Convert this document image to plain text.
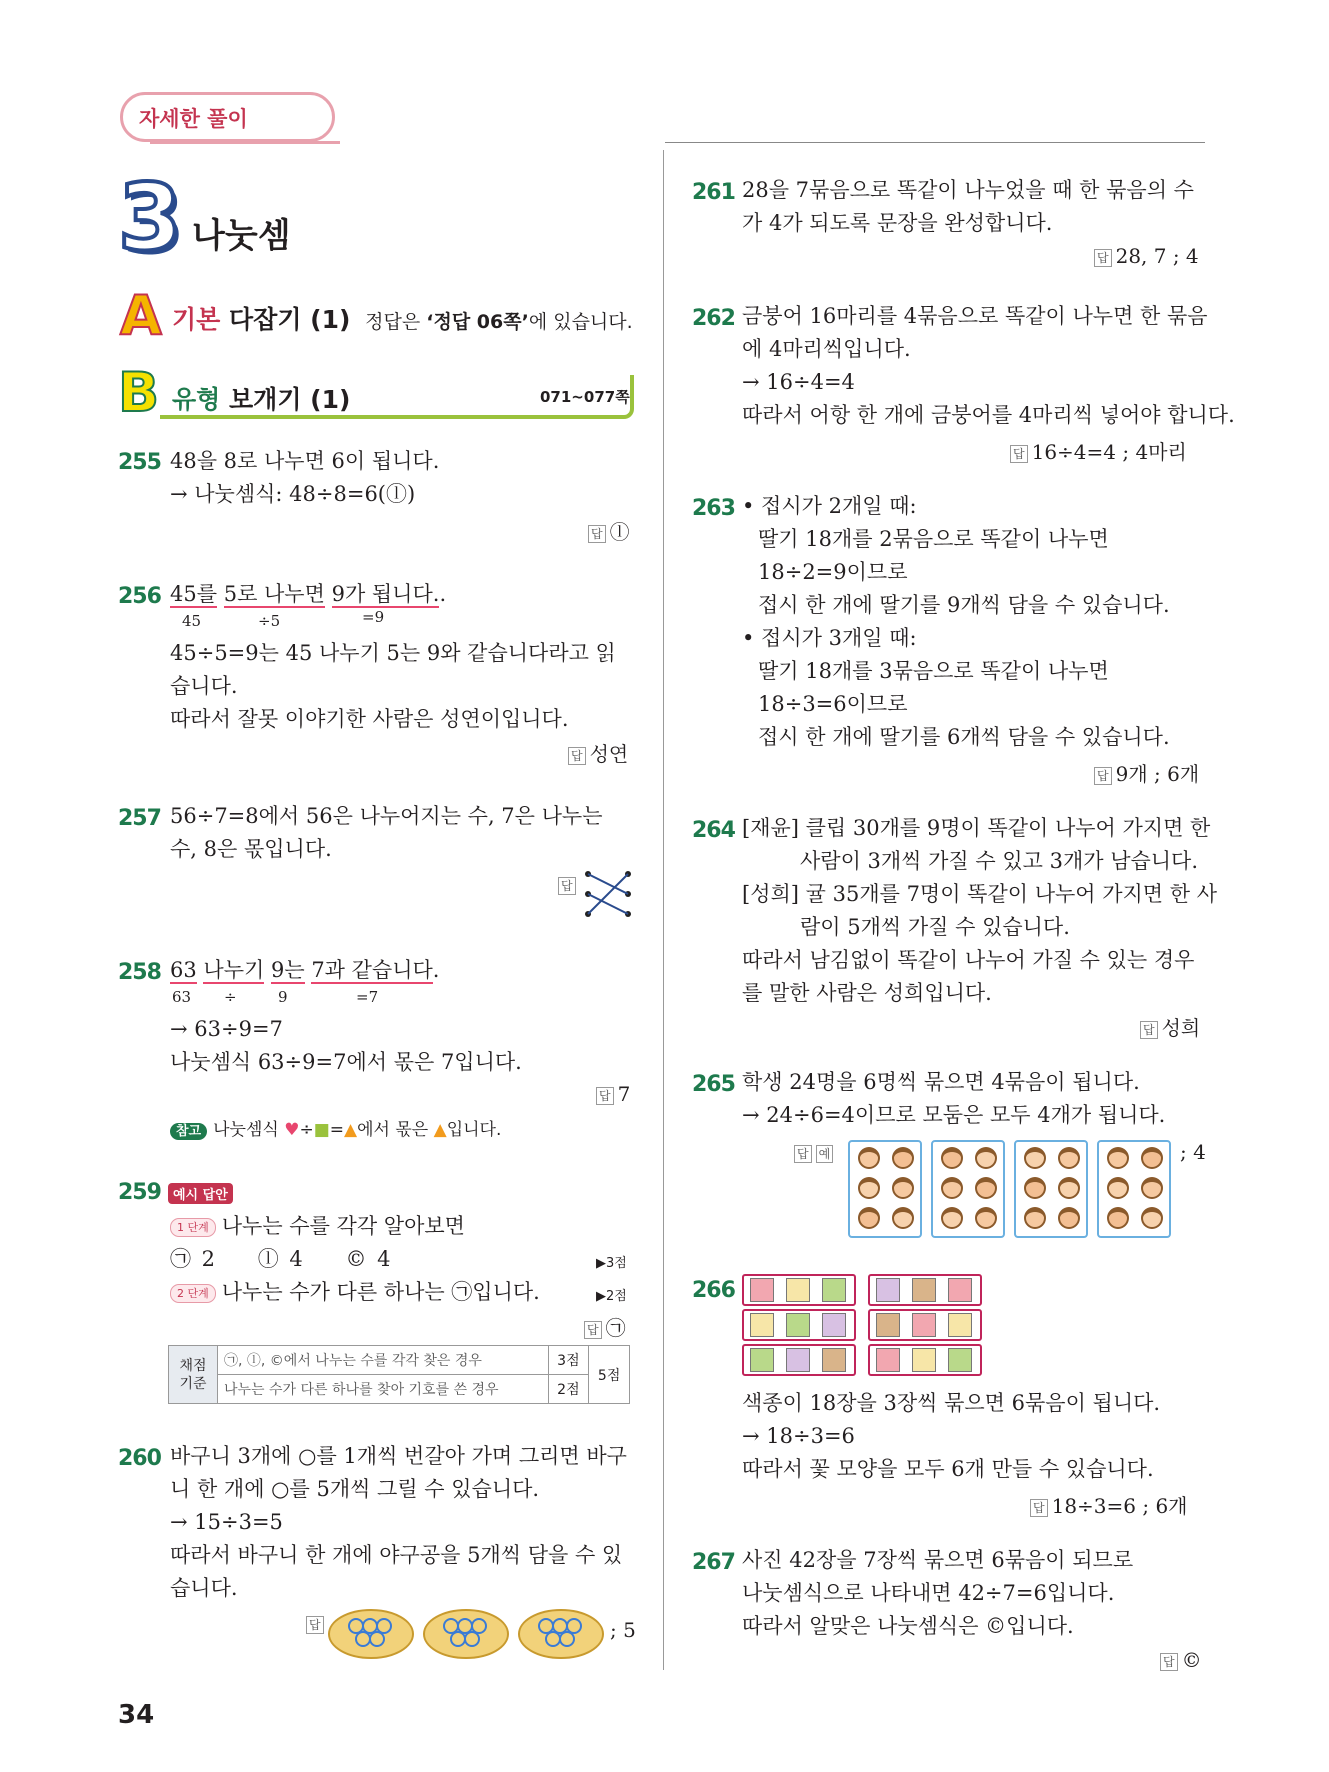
자세한 풀이
3 나눗셈
A 기본 다잡기 (1) 정답은 ‘정답 06쪽’에 있습니다.
B 유형 보개기 (1)	071~077쪽
255 48을 8로 나누면 6이 됩니다.
→ 나눗셈식: 48÷8=6(ⓛ)
답 ⓛ
256 45를 5로 나누면 9가 됩니다..
45	÷5	=9
45÷5=9는 45 나누기 5는 9와 같습니다라고 읽
습니다.
따라서 잘못 이야기한 사람은 성연이입니다.
답 성연
257 56÷7=8에서 56은 나누어지는 수, 7은 나누는
수, 8은 몫입니다.
답
258 63 나누기 9는 7과 같습니다.
63 ÷	9	=7
→ 63÷9=7
나눗셈식 63÷9=7에서 몫은 7입니다.
답 7
참고 나눗셈식 ♥÷■=▲에서 몫은 ▲입니다.
259 예시 답안
1 단계 나누는 수를 각각 알아보면
㉠ 2 ⓛ 4 © 4	▶3점
2 단계 나누는 수가 다른 하나는 ㉠입니다.	▶2점
답 ㉠
채점 기준	㉠, ⓛ, ©에서 나누는 수를 각각 찾은 경우	3점	5점
	나누는 수가 다른 하나를 찾아 기호를 쓴 경우	2점	
260 바구니 3개에 ○를 1개씩 번갈아 가며 그리면 바구
니 한 개에 ○를 5개씩 그릴 수 있습니다.
→ 15÷3=5
따라서 바구니 한 개에 야구공을 5개씩 담을 수 있
습니다.
답	; 5
261 28을 7묶음으로 똑같이 나누었을 때 한 묶음의 수
가 4가 되도록 문장을 완성합니다.
답 28, 7 ; 4
262 금붕어 16마리를 4묶음으로 똑같이 나누면 한 묶음
에 4마리씩입니다.
→ 16÷4=4
따라서 어항 한 개에 금붕어를 4마리씩 넣어야 합니다.
답 16÷4=4 ; 4마리
263 • 접시가 2개일 때:
딸기 18개를 2묶음으로 똑같이 나누면
18÷2=9이므로
접시 한 개에 딸기를 9개씩 담을 수 있습니다.
• 접시가 3개일 때:
딸기 18개를 3묶음으로 똑같이 나누면
18÷3=6이므로
접시 한 개에 딸기를 6개씩 담을 수 있습니다.
답 9개 ; 6개
264 [재윤] 클립 30개를 9명이 똑같이 나누어 가지면 한
사람이 3개씩 가질 수 있고 3개가 남습니다.
[성희] 귤 35개를 7명이 똑같이 나누어 가지면 한 사
람이 5개씩 가질 수 있습니다.
따라서 남김없이 똑같이 나누어 가질 수 있는 경우
를 말한 사람은 성희입니다.
답 성희
265 학생 24명을 6명씩 묶으면 4묶음이 됩니다.
→ 24÷6=4이므로 모둠은 모두 4개가 됩니다.
답 예	; 4
266
색종이 18장을 3장씩 묶으면 6묶음이 됩니다.
→ 18÷3=6
따라서 꽃 모양을 모두 6개 만들 수 있습니다.
답 18÷3=6 ; 6개
267 사진 42장을 7장씩 묶으면 6묶음이 되므로
나눗셈식으로 나타내면 42÷7=6입니다.
따라서 알맞은 나눗셈식은 ©입니다.
답 ©
34
